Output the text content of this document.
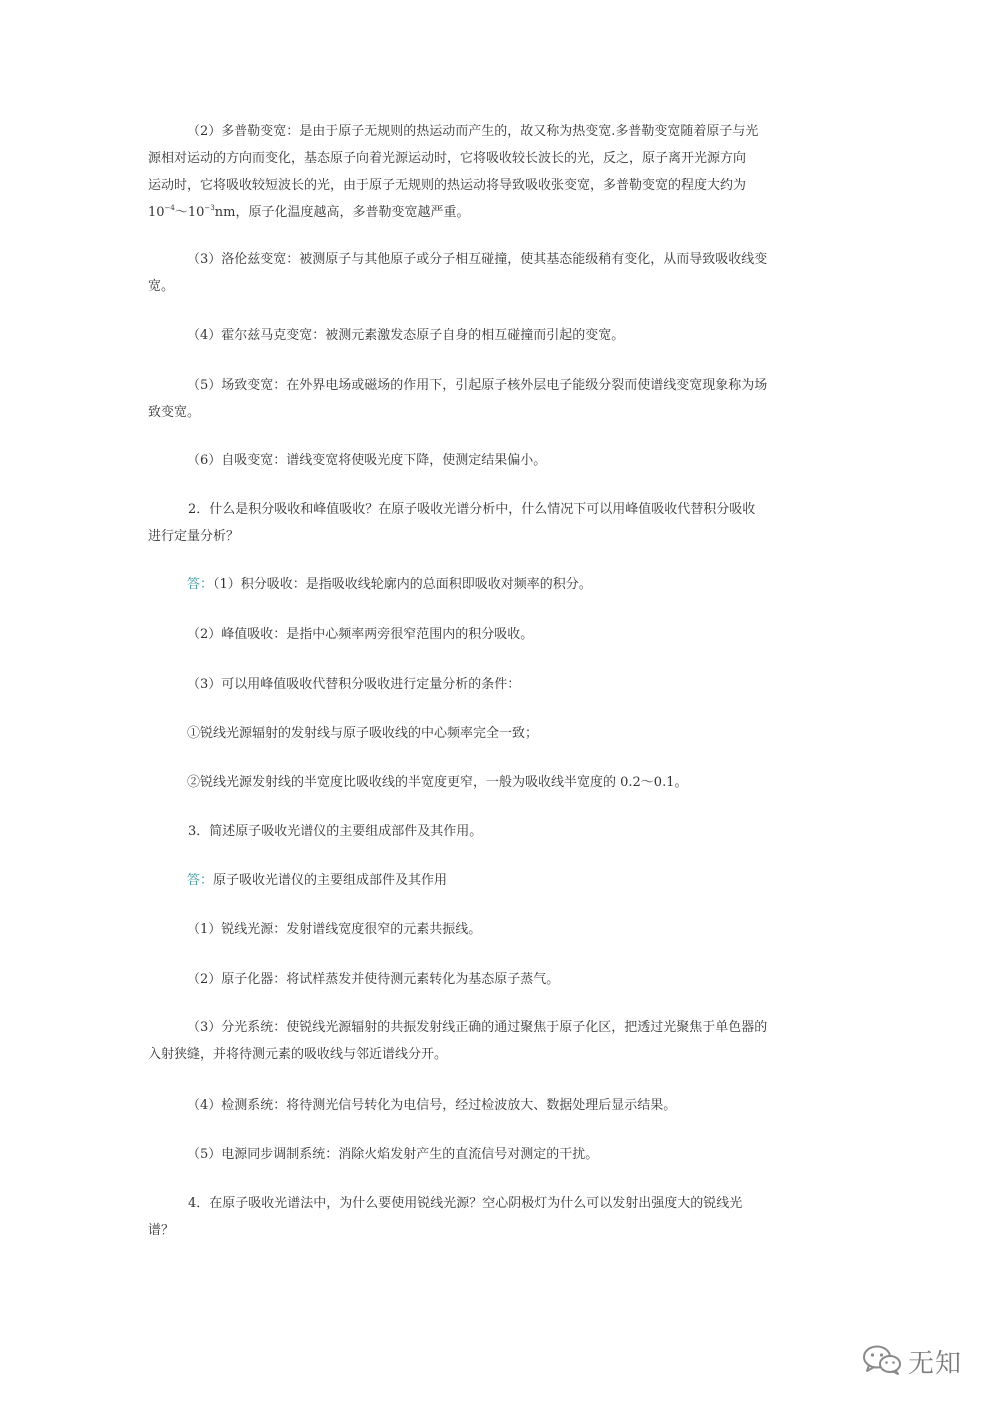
（2）多普勒变宽：是由于原子无规则的热运动而产生的，故又称为热变宽.多普勒变宽随着原子与光
源相对运动的方向而变化，基态原子向着光源运动时，它将吸收较长波长的光，反之，原子离开光源方向
运动时，它将吸收较短波长的光，由于原子无规则的热运动将导致吸收张变宽，多普勒变宽的程度大约为
$10^{-4}\sim 10^{-3}nm$，原子化温度越高，多普勒变宽越严重。
（3）洛伦兹变宽：被测原子与其他原子或分子相互碰撞，使其基态能级稍有变化，从而导致吸收线变
宽。
（4）霍尔兹马克变宽：被测元素激发态原子自身的相互碰撞而引起的变宽。
（5）场致变宽：在外界电场或磁场的作用下，引起原子核外层电子能级分裂而使谱线变宽现象称为场
致变宽。
（6）自吸变宽：谱线变宽将使吸光度下降，使测定结果偏小。
2．什么是积分吸收和峰值吸收？在原子吸收光谱分析中，什么情况下可以用峰值吸收代替积分吸收
进行定量分析？
答：（1）积分吸收：是指吸收线轮廓内的总面积即吸收对频率的积分。
（2）峰值吸收：是指中心频率两旁很窄范围内的积分吸收。
（3）可以用峰值吸收代替积分吸收进行定量分析的条件：
①锐线光源辐射的发射线与原子吸收线的中心频率完全一致；
②锐线光源发射线的半宽度比吸收线的半宽度更窄，一般为吸收线半宽度的 0.2～0.1。
3．简述原子吸收光谱仪的主要组成部件及其作用。
答：原子吸收光谱仪的主要组成部件及其作用
（1）锐线光源：发射谱线宽度很窄的元素共振线。
（2）原子化器：将试样蒸发并使待测元素转化为基态原子蒸气。
（3）分光系统：使锐线光源辐射的共振发射线正确的通过聚焦于原子化区，把透过光聚焦于单色器的
入射狭缝，并将待测元素的吸收线与邻近谱线分开。
（4）检测系统：将待测光信号转化为电信号，经过检波放大、数据处理后显示结果。
（5）电源同步调制系统：消除火焰发射产生的直流信号对测定的干扰。
4．在原子吸收光谱法中，为什么要使用锐线光源？空心阴极灯为什么可以发射出强度大的锐线光
谱？
无知
